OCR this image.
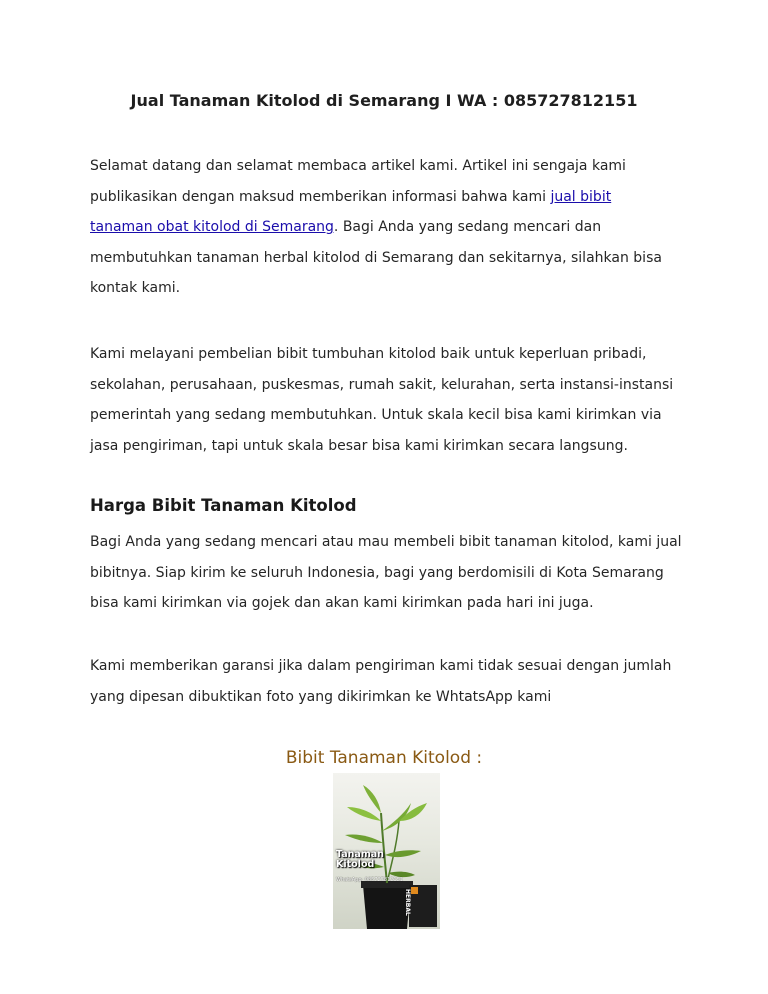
Jual Tanaman Kitolod di Semarang I WA : 085727812151

Selamat datang dan selamat membaca artikel kami. Artikel ini sengaja kami
publikasikan dengan maksud memberikan informasi bahwa kami jual bibit
tanaman obat kitolod di Semarang. Bagi Anda yang sedang mencari dan
membutuhkan tanaman herbal kitolod di Semarang dan sekitarnya, silahkan bisa
kontak kami.

Kami melayani pembelian bibit tumbuhan kitolod baik untuk keperluan pribadi,
sekolahan, perusahaan, puskesmas, rumah sakit, kelurahan, serta instansi-instansi
pemerintah yang sedang membutuhkan. Untuk skala kecil bisa kami kirimkan via
jasa pengiriman, tapi untuk skala besar bisa kami kirimkan secara langsung.

Harga Bibit Tanaman Kitolod

Bagi Anda yang sedang mencari atau mau membeli bibit tanaman kitolod, kami jual
bibitnya. Siap kirim ke seluruh Indonesia, bagi yang berdomisili di Kota Semarang
bisa kami kirimkan via gojek dan akan kami kirimkan pada hari ini juga.

Kami memberikan garansi jika dalam pengiriman kami tidak sesuai dengan jumlah
yang dipesan dibuktikan foto yang dikirimkan ke WhtatsApp kami

Bibit Tanaman Kitolod :
Tanaman
Kitolod
WhatsApp: 085727812151
HERBAL
